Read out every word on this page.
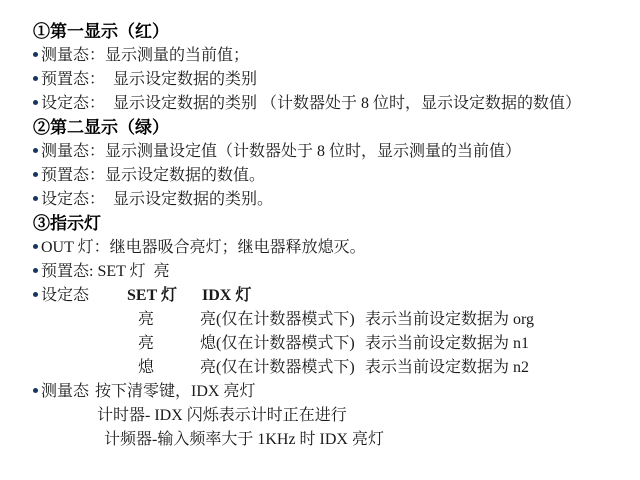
①第一显示（红）
测量态：显示测量的当前值；
预置态：  显示设定数据的类别
设定态：  显示设定数据的类别 （计数器处于 8 位时，显示设定数据的数值）
②第二显示（绿）
测量态：显示测量设定值（计数器处于 8 位时，显示测量的当前值）
预置态：显示设定数据的数值。
设定态：  显示设定数据的类别。
③指示灯
OUT 灯：继电器吸合亮灯；继电器释放熄灭。
预置态: SET 灯  亮
设定态 SET 灯 IDX 灯
亮	亮(仅在计数器模式下) 表示当前设定数据为 org
亮	熄(仅在计数器模式下) 表示当前设定数据为 n1
熄	亮(仅在计数器模式下) 表示当前设定数据为 n2
测量态 按下清零键，IDX 亮灯
计时器- IDX 闪烁表示计时正在进行
计频器-输入频率大于 1KHz 时 IDX 亮灯
